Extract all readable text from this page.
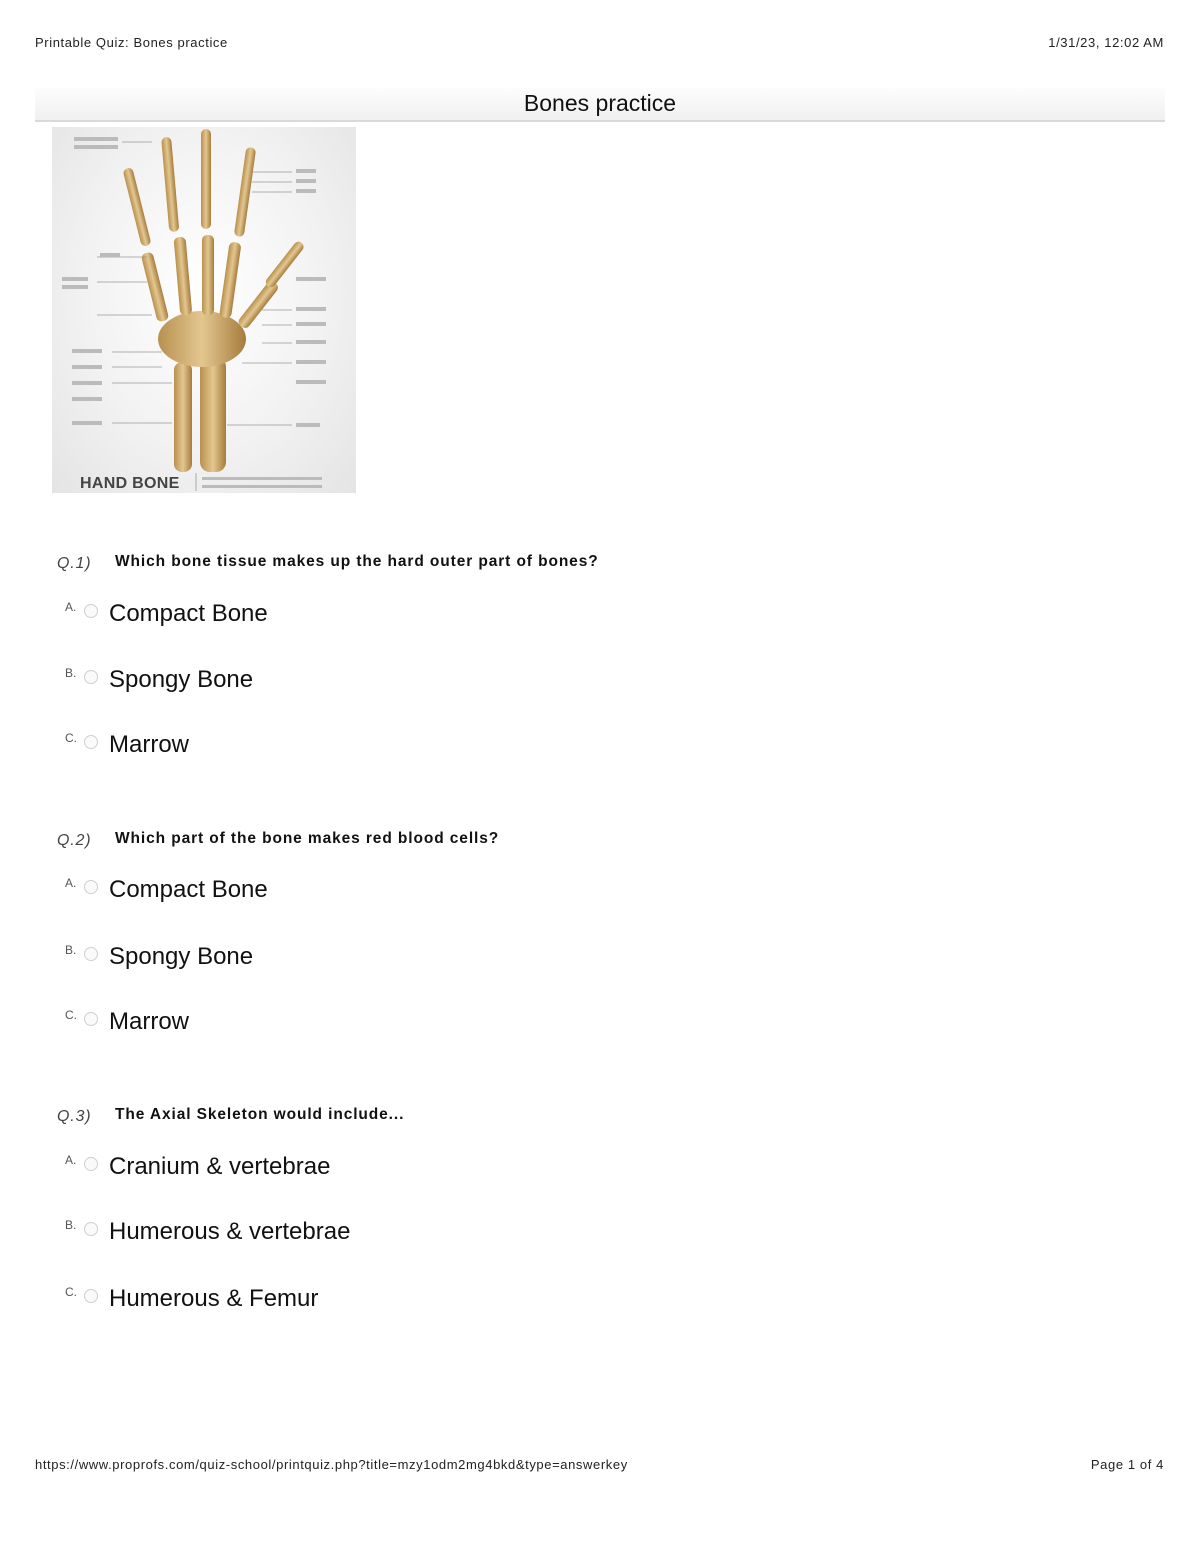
Printable Quiz: Bones practice	1/31/23, 12:02 AM
Bones practice
HAND BONE
Q.1) Which bone tissue makes up the hard outer part of bones?
A. Compact Bone
B. Spongy Bone
C. Marrow
Q.2) Which part of the bone makes red blood cells?
A. Compact Bone
B. Spongy Bone
C. Marrow
Q.3) The Axial Skeleton would include...
A. Cranium & vertebrae
B. Humerous & vertebrae
C. Humerous & Femur
https://www.proprofs.com/quiz-school/printquiz.php?title=mzy1odm2mg4bkd&type=answerkey	Page 1 of 4
